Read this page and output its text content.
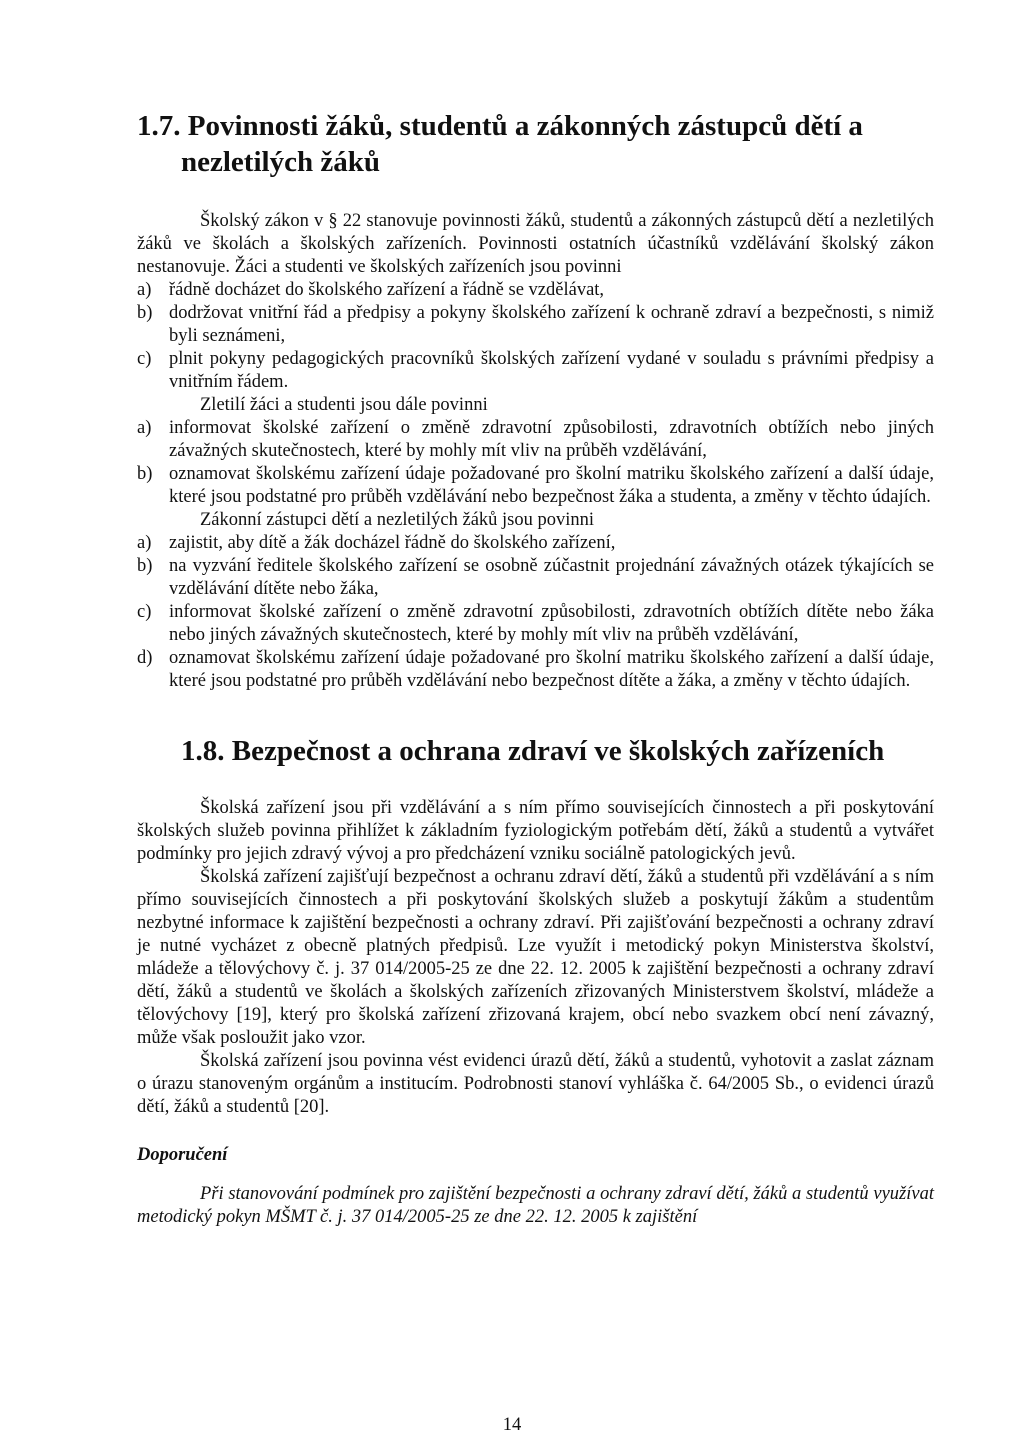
1.7. Povinnosti žáků, studentů a zákonných zástupců dětí a nezletilých žáků

Školský zákon v § 22 stanovuje povinnosti žáků, studentů a zákonných zástupců dětí a nezletilých žáků ve školách a školských zařízeních. Povinnosti ostatních účastníků vzdělávání školský zákon nestanovuje. Žáci a studenti ve školských zařízeních jsou povinni

a) řádně docházet do školského zařízení a řádně se vzdělávat,
b) dodržovat vnitřní řád a předpisy a pokyny školského zařízení k ochraně zdraví a bezpečnosti, s nimiž byli seznámeni,
c) plnit pokyny pedagogických pracovníků školských zařízení vydané v souladu s právními předpisy a vnitřním řádem.

Zletilí žáci a studenti jsou dále povinni

a) informovat školské zařízení o změně zdravotní způsobilosti, zdravotních obtížích nebo jiných závažných skutečnostech, které by mohly mít vliv na průběh vzdělávání,
b) oznamovat školskému zařízení údaje požadované pro školní matriku školského zařízení a další údaje, které jsou podstatné pro průběh vzdělávání nebo bezpečnost žáka a studenta, a změny v těchto údajích.

Zákonní zástupci dětí a nezletilých žáků jsou povinni

a) zajistit, aby dítě a žák docházel řádně do školského zařízení,
b) na vyzvání ředitele školského zařízení se osobně zúčastnit projednání závažných otázek týkajících se vzdělávání dítěte nebo žáka,
c) informovat školské zařízení o změně zdravotní způsobilosti, zdravotních obtížích dítěte nebo žáka nebo jiných závažných skutečnostech, které by mohly mít vliv na průběh vzdělávání,
d) oznamovat školskému zařízení údaje požadované pro školní matriku školského zařízení a další údaje, které jsou podstatné pro průběh vzdělávání nebo bezpečnost dítěte a žáka, a změny v těchto údajích.
1.8. Bezpečnost a ochrana zdraví ve školských zařízeních

Školská zařízení jsou při vzdělávání a s ním přímo souvisejících činnostech a při poskytování školských služeb povinna přihlížet k základním fyziologickým potřebám dětí, žáků a studentů a vytvářet podmínky pro jejich zdravý vývoj a pro předcházení vzniku sociálně patologických jevů.

Školská zařízení zajišťují bezpečnost a ochranu zdraví dětí, žáků a studentů při vzdělávání a s ním přímo souvisejících činnostech a při poskytování školských služeb a poskytují žákům a studentům nezbytné informace k zajištění bezpečnosti a ochrany zdraví. Při zajišťování bezpečnosti a ochrany zdraví je nutné vycházet z obecně platných předpisů. Lze využít i metodický pokyn Ministerstva školství, mládeže a tělovýchovy č. j. 37 014/2005-25 ze dne 22. 12. 2005 k zajištění bezpečnosti a ochrany zdraví dětí, žáků a studentů ve školách a školských zařízeních zřizovaných Ministerstvem školství, mládeže a tělovýchovy [19], který pro školská zařízení zřizovaná krajem, obcí nebo svazkem obcí není závazný, může však posloužit jako vzor.

Školská zařízení jsou povinna vést evidenci úrazů dětí, žáků a studentů, vyhotovit a zaslat záznam o úrazu stanoveným orgánům a institucím. Podrobnosti stanoví vyhláška č. 64/2005 Sb., o evidenci úrazů dětí, žáků a studentů [20].

Doporučení

Při stanovování podmínek pro zajištění bezpečnosti a ochrany zdraví dětí, žáků a studentů využívat metodický pokyn MŠMT č. j. 37 014/2005-25 ze dne 22. 12. 2005 k zajištění

14
